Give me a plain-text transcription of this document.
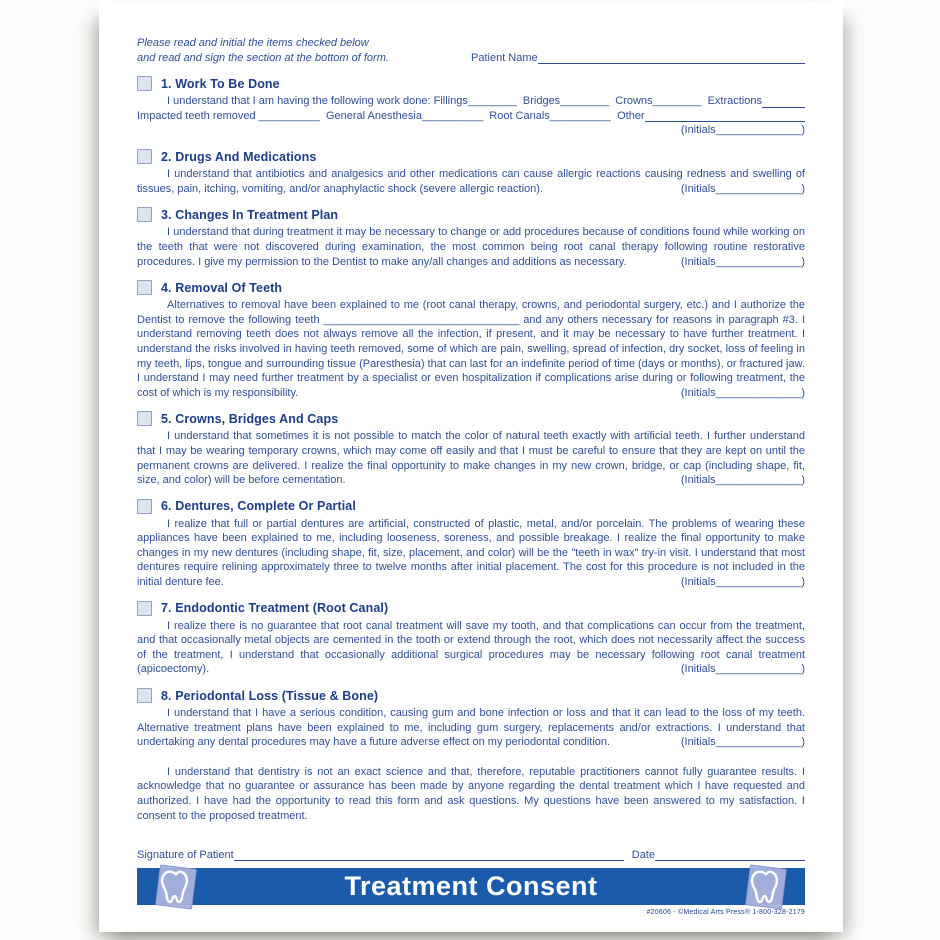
Please read and initial the items checked below
and read and sign the section at the bottom of form.	Patient Name
1. Work To Be Done

I understand that I am having the following work done: Fillings________  Bridges________  Crowns________  Extractions

Impacted teeth removed __________  General Anesthesia__________  Root Canals__________  Other

(Initials______________)
2. Drugs And Medications

I understand that antibiotics and analgesics and other medications can cause allergic reactions causing redness and swelling of tissues, pain, itching, vomiting, and/or anaphylactic shock (severe allergic reaction).	(Initials______________)

3. Changes In Treatment Plan

I understand that during treatment it may be necessary to change or add procedures because of conditions found while working on the teeth that were not discovered during examination, the most common being root canal therapy following routine restorative procedures. I give my permission to the Dentist to make any/all changes and additions as necessary.	(Initials______________)

4. Removal Of Teeth

Alternatives to removal have been explained to me (root canal therapy, crowns, and periodontal surgery, etc.) and I authorize the Dentist to remove the following teeth ________________________________ and any others necessary for reasons in paragraph #3. I understand removing teeth does not always remove all the infection, if present, and it may be necessary to have further treatment. I understand the risks involved in having teeth removed, some of which are pain, swelling, spread of infection, dry socket, loss of feeling in my teeth, lips, tongue and surrounding tissue (Paresthesia) that can last for an indefinite period of time (days or months), or fractured jaw. I understand I may need further treatment by a specialist or even hospitalization if complications arise during or following treatment, the cost of which is my responsibility.	(Initials______________)

5. Crowns, Bridges And Caps

I understand that sometimes it is not possible to match the color of natural teeth exactly with artificial teeth. I further understand that I may be wearing temporary crowns, which may come off easily and that I must be careful to ensure that they are kept on until the permanent crowns are delivered. I realize the final opportunity to make changes in my new crown, bridge, or cap (including shape, fit, size, and color) will be before cementation.	(Initials______________)

6. Dentures, Complete Or Partial

I realize that full or partial dentures are artificial, constructed of plastic, metal, and/or porcelain. The problems of wearing these appliances have been explained to me, including looseness, soreness, and possible breakage. I realize the final opportunity to make changes in my new dentures (including shape, fit, size, placement, and color) will be the "teeth in wax" try-in visit. I understand that most dentures require relining approximately three to twelve months after initial placement. The cost for this procedure is not included in the initial denture fee.	(Initials______________)

7. Endodontic Treatment (Root Canal)

I realize there is no guarantee that root canal treatment will save my tooth, and that complications can occur from the treatment, and that occasionally metal objects are cemented in the tooth or extend through the root, which does not necessarily affect the success of the treatment, I understand that occasionally additional surgical procedures may be necessary following root canal treatment (apicoectomy).	(Initials______________)

8. Periodontal Loss (Tissue & Bone)

I understand that I have a serious condition, causing gum and bone infection or loss and that it can lead to the loss of my teeth. Alternative treatment plans have been explained to me, including gum surgery, replacements and/or extractions. I understand that undertaking any dental procedures may have a future adverse effect on my periodontal condition.	(Initials______________)

I understand that dentistry is not an exact science and that, therefore, reputable practitioners cannot fully guarantee results. I acknowledge that no guarantee or assurance has been made by anyone regarding the dental treatment which I have requested and authorized. I have had the opportunity to read this form and ask questions. My questions have been answered to my satisfaction. I consent to the proposed treatment.

Signature of Patient	Date
Treatment Consent
#20606 - ©Medical Arts Press® 1-800-328-2179
